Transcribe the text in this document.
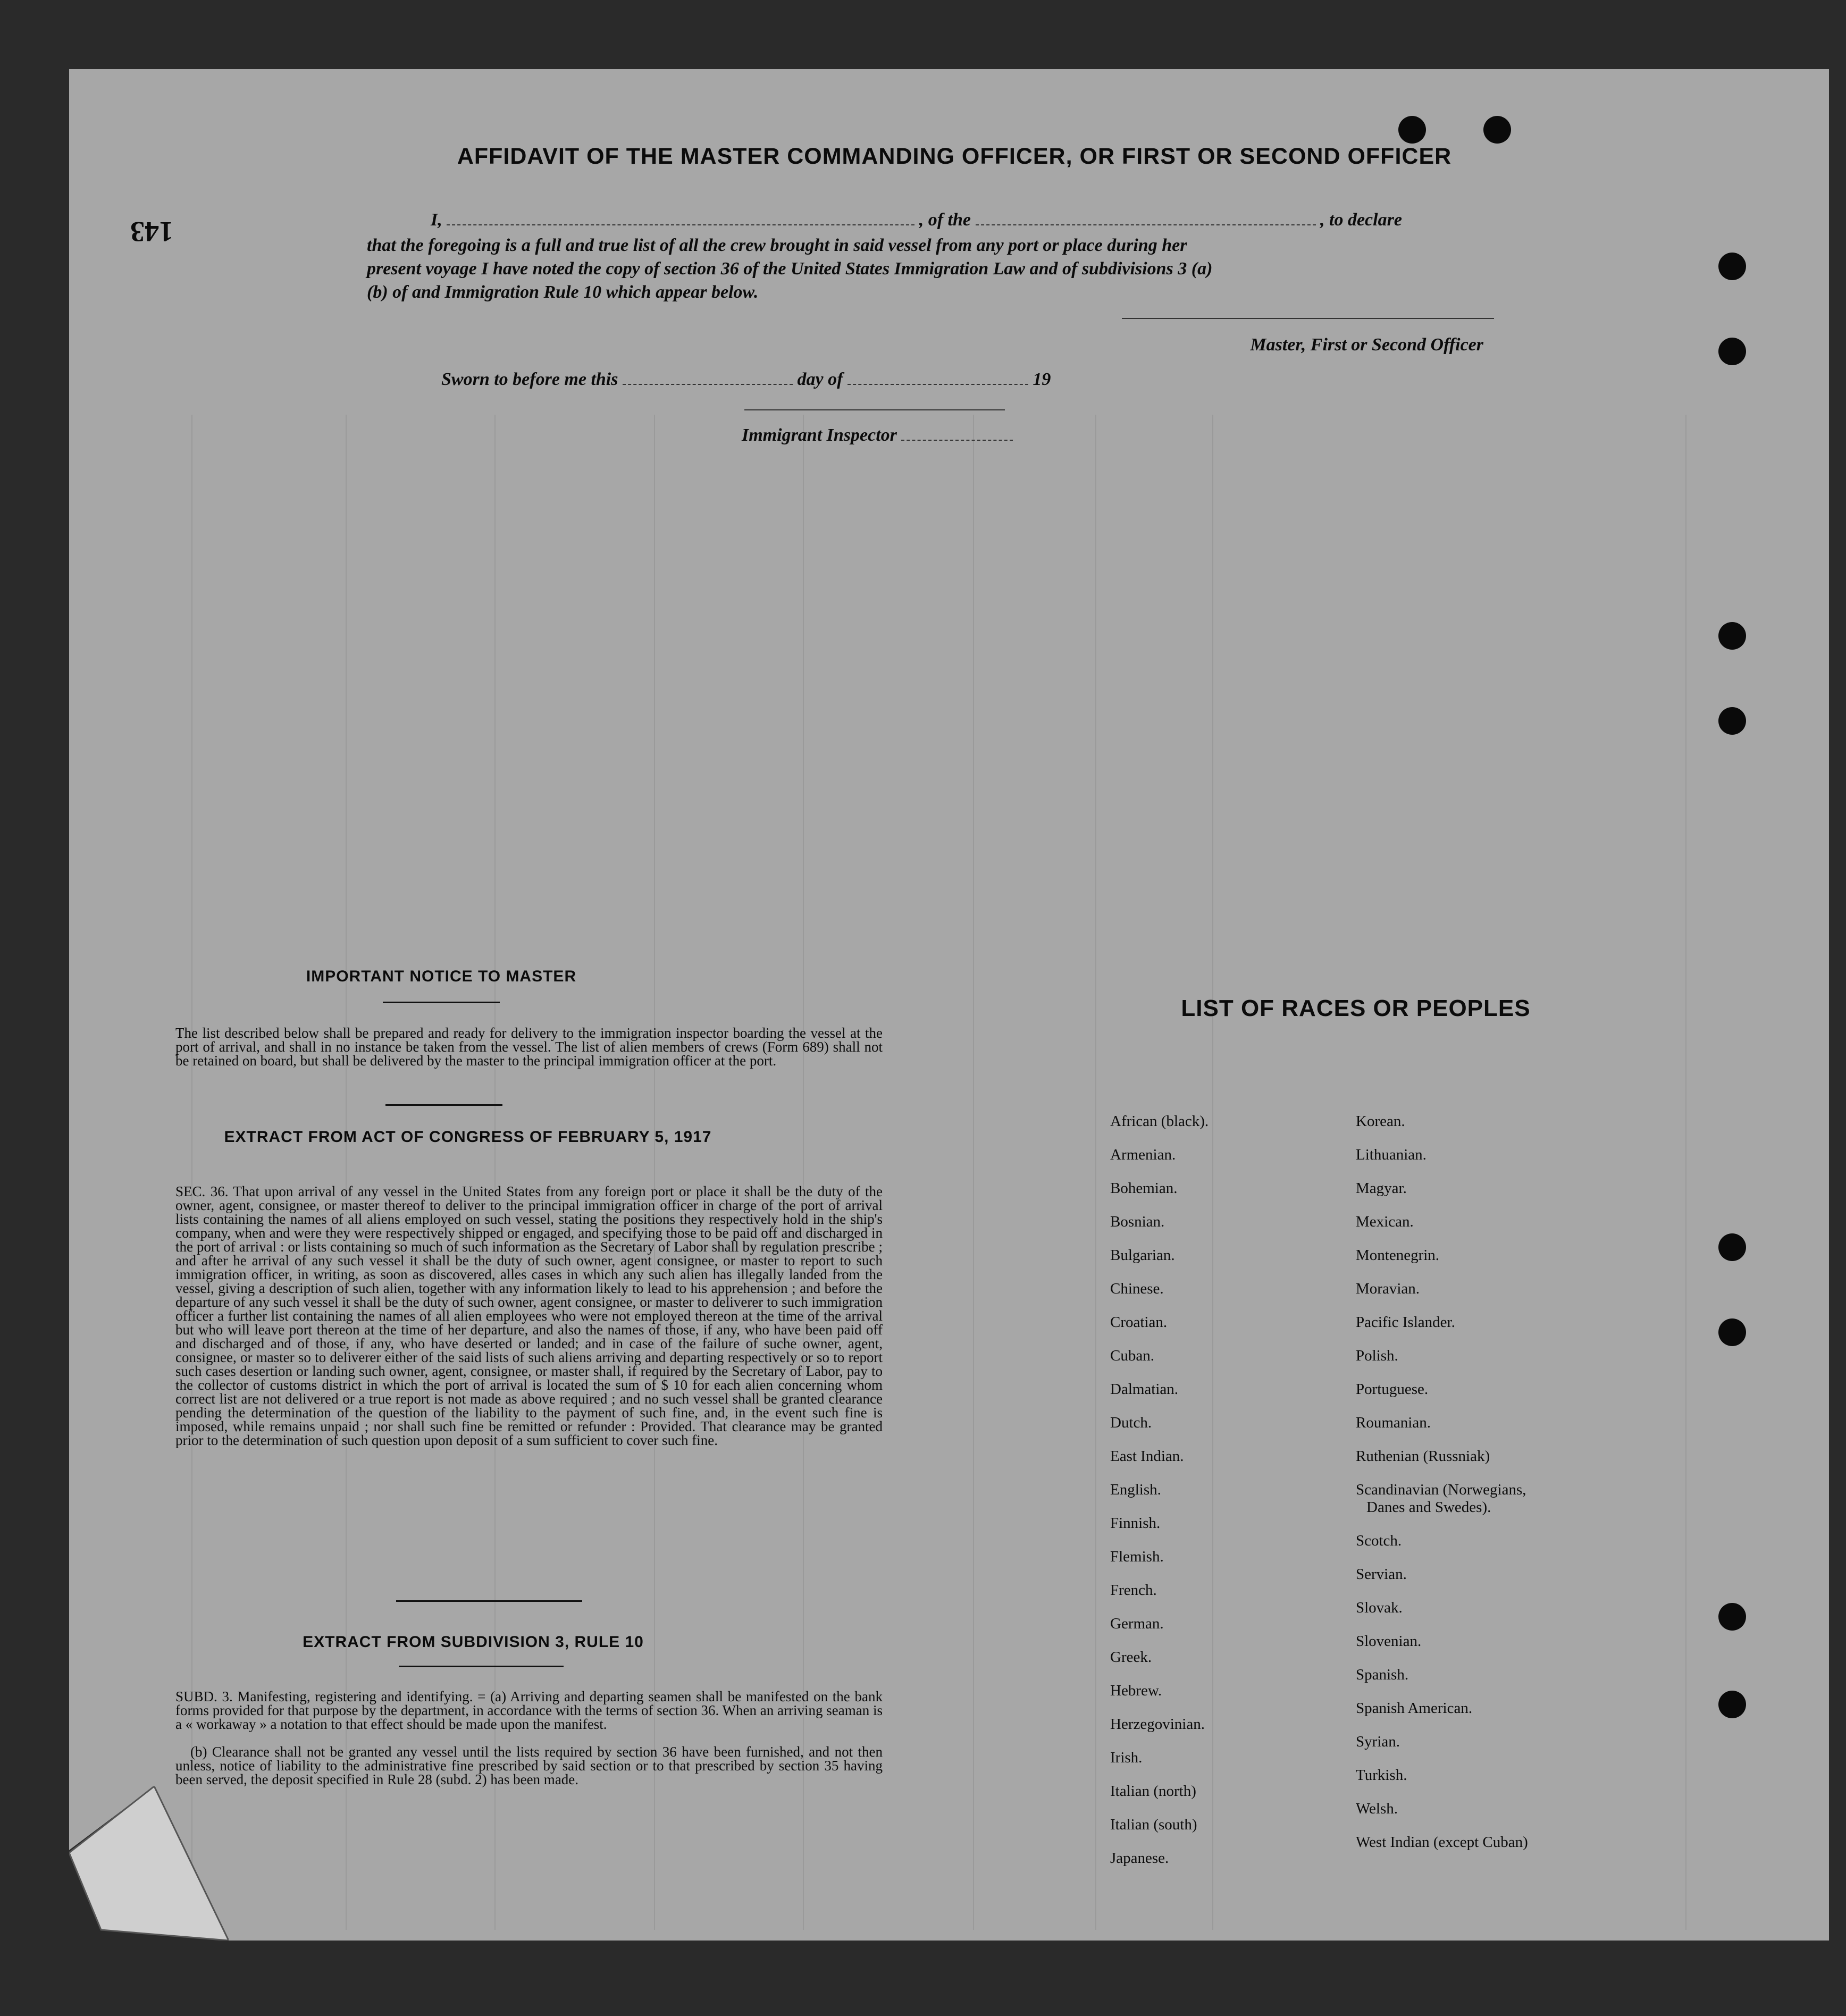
143
AFFIDAVIT OF THE MASTER COMMANDING OFFICER, OR FIRST OR SECOND OFFICER
I,	, of the	, to declare
that the foregoing is a full and true list of all the crew brought in said vessel from any port or place during her
present voyage I have noted the copy of section 36 of the United States Immigration Law and of subdivisions 3 (a)
(b) of and Immigration Rule 10 which appear below.
Master, First or Second Officer
Sworn to before me this	day of	19
Immigrant Inspector
IMPORTANT NOTICE TO MASTER
The list described below shall be prepared and ready for delivery to the immigration inspector boarding the vessel at the port of arrival, and shall in no instance be taken from the vessel. The list of alien members of crews (Form 689) shall not be retained on board, but shall be delivered by the master to the principal immigration officer at the port.
EXTRACT FROM ACT OF CONGRESS OF FEBRUARY 5, 1917
SEC. 36. That upon arrival of any vessel in the United States from any foreign port or place it shall be the duty of the owner, agent, consignee, or master thereof to deliver to the principal immigration officer in charge of the port of arrival lists containing the names of all aliens employed on such vessel, stating the positions they respectively hold in the ship's company, when and were they were respectively shipped or engaged, and specifying those to be paid off and discharged in the port of arrival : or lists containing so much of such information as the Secretary of Labor shall by regulation prescribe ; and after he arrival of any such vessel it shall be the duty of such owner, agent consignee, or master to report to such immigration officer, in writing, as soon as discovered, alles cases in which any such alien has illegally landed from the vessel, giving a description of such alien, together with any information likely to lead to his apprehension ; and before the departure of any such vessel it shall be the duty of such owner, agent consignee, or master to deliverer to such immigration officer a further list containing the names of all alien employees who were not employed thereon at the time of the arrival but who will leave port thereon at the time of her departure, and also the names of those, if any, who have been paid off and discharged and of those, if any, who have deserted or landed; and in case of the failure of suche owner, agent, consignee, or master so to deliverer either of the said lists of such aliens arriving and departing respectively or so to report such cases desertion or landing such owner, agent, consignee, or master shall, if required by the Secretary of Labor, pay to the collector of customs district in which the port of arrival is located the sum of $ 10 for each alien concerning whom correct list are not delivered or a true report is not made as above required ; and no such vessel shall be granted clearance pending the determination of the question of the liability to the payment of such fine, and, in the event such fine is imposed, while remains unpaid ; nor shall such fine be remitted or refunder : Provided. That clearance may be granted prior to the determination of such question upon deposit of a sum sufficient to cover such fine.
EXTRACT FROM SUBDIVISION 3, RULE 10
SUBD. 3. Manifesting, registering and identifying. = (a) Arriving and departing seamen shall be manifested on the bank forms provided for that purpose by the department, in accordance with the terms of section 36. When an arriving seaman is a « workaway » a notation to that effect should be made upon the manifest.
(b) Clearance shall not be granted any vessel until the lists required by section 36 have been furnished, and not then unless, notice of liability to the administrative fine prescribed by said section or to that prescribed by section 35 having been served, the deposit specified in Rule 28 (subd. 2) has been made.
LIST OF RACES OR PEOPLES
African (black).
Armenian.
Bohemian.
Bosnian.
Bulgarian.
Chinese.
Croatian.
Cuban.
Dalmatian.
Dutch.
East Indian.
English.
Finnish.
Flemish.
French.
German.
Greek.
Hebrew.
Herzegovinian.
Irish.
Italian (north)
Italian (south)
Japanese.
Korean.
Lithuanian.
Magyar.
Mexican.
Montenegrin.
Moravian.
Pacific Islander.
Polish.
Portuguese.
Roumanian.
Ruthenian (Russniak)
Scandinavian (Norwegians,
Danes and Swedes).
Scotch.
Servian.
Slovak.
Slovenian.
Spanish.
Spanish American.
Syrian.
Turkish.
Welsh.
West Indian (except Cuban)
